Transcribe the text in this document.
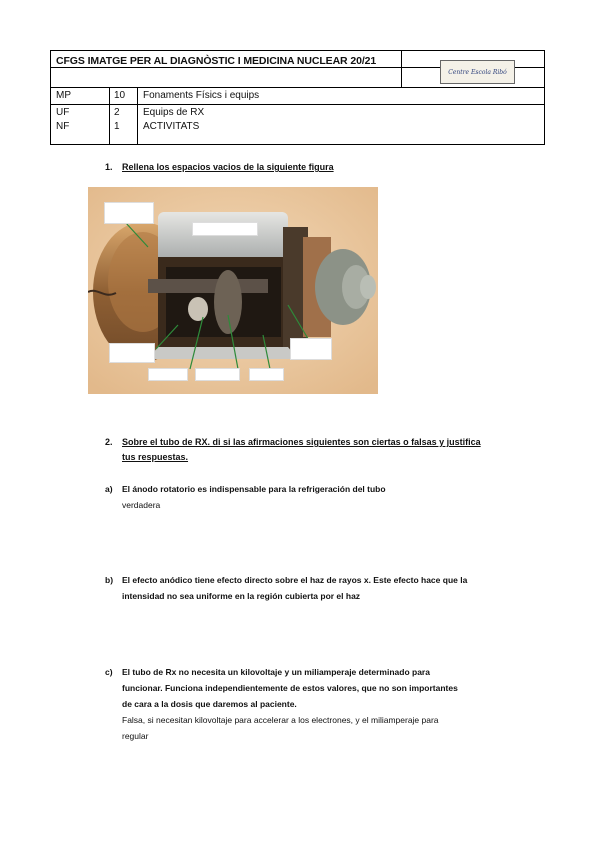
CFGS IMATGE PER AL DIAGNÒSTIC I MEDICINA NUCLEAR 20/21
Centre Escola Ribó
MP	10 Fonaments Físics i equips
UF	2 Equips de RX
NF	1 ACTIVITATS
1. Rellena los espacios vacios de la siguiente figura
2. Sobre el tubo de RX. di si las afirmaciones siguientes son ciertas o falsas y justifica
tus respuestas.
a) El ánodo rotatorio es indispensable para la refrigeración del tubo
verdadera
b) El efecto anódico tiene efecto directo sobre el haz de rayos x. Este efecto hace que la
intensidad no sea uniforme en la región cubierta por el haz
c) El tubo de Rx no necesita un kilovoltaje y un miliamperaje determinado para
funcionar. Funciona independientemente de estos valores, que no son importantes
de cara a la dosis que daremos al paciente.
Falsa, si necesitan kilovoltaje para accelerar a los electrones, y el miliamperaje para
regular
